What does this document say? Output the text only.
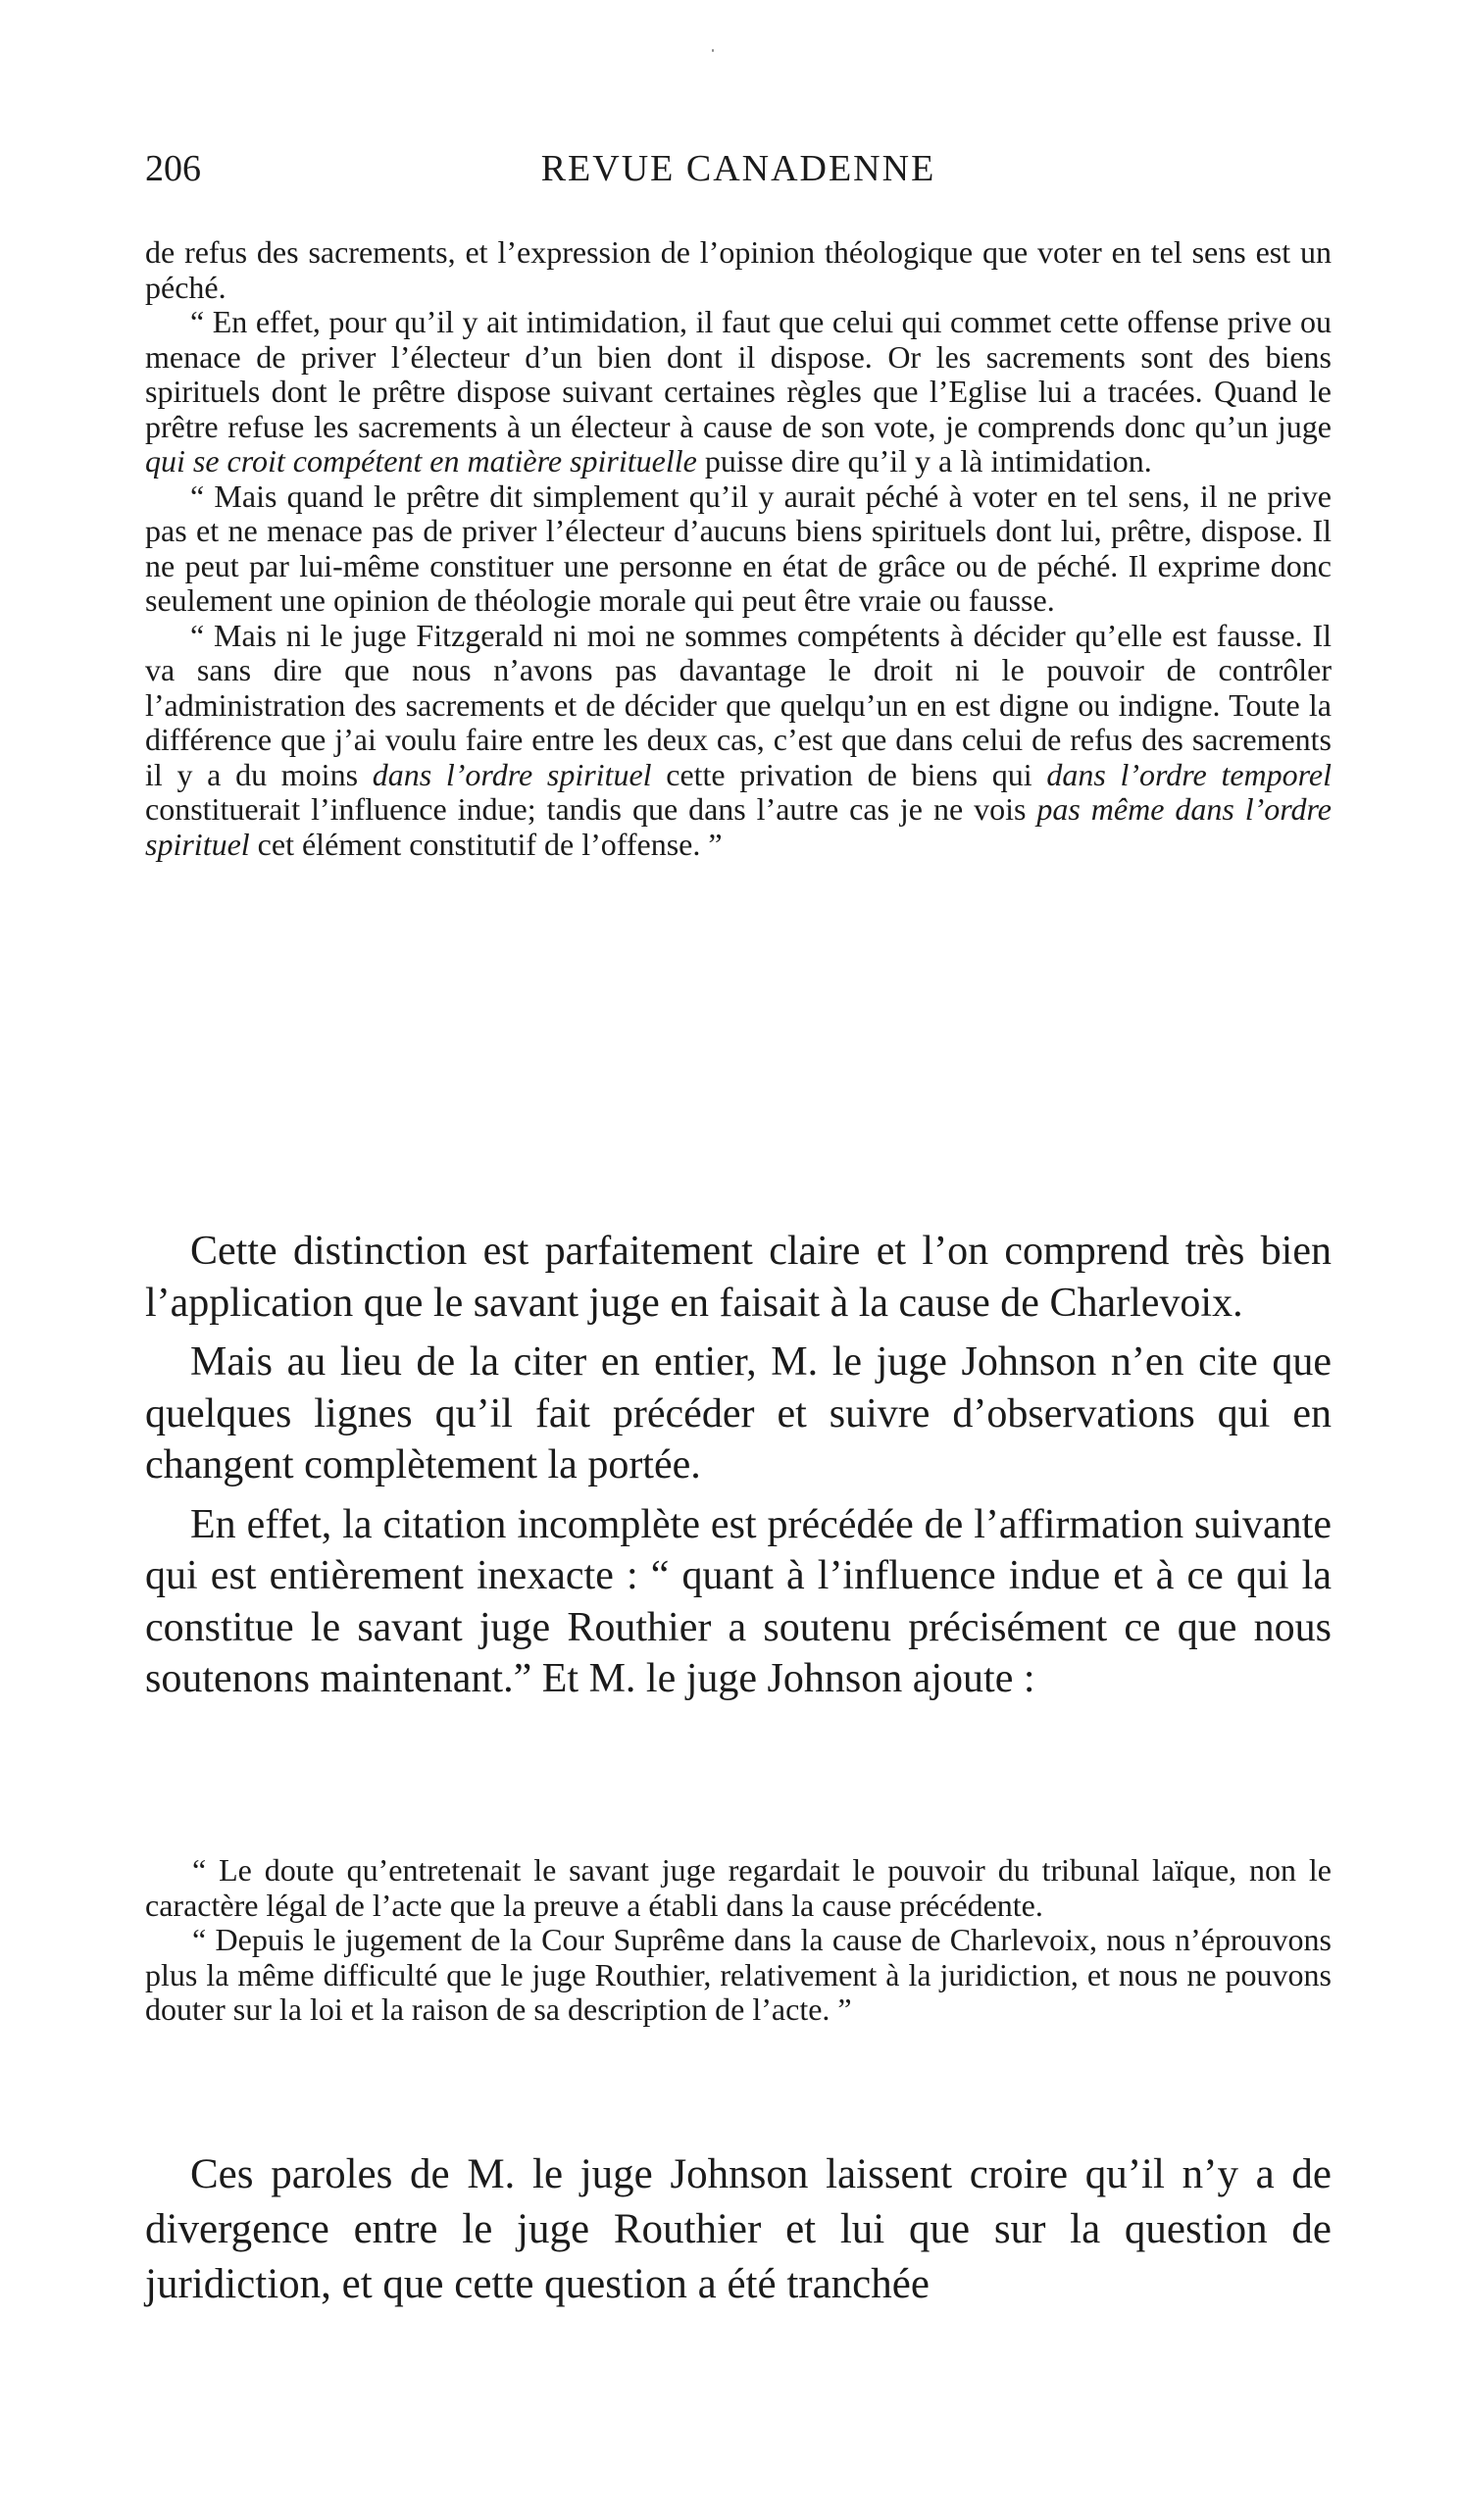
206	REVUE CANADENNE

de refus des sacrements, et l’expression de l’opinion théologique que voter en tel sens est un péché.

“ En effet, pour qu’il y ait intimidation, il faut que celui qui commet cette offense prive ou menace de priver l’électeur d’un bien dont il dispose. Or les sacrements sont des biens spirituels dont le prêtre dispose suivant certaines règles que l’Eglise lui a tracées. Quand le prêtre refuse les sacrements à un électeur à cause de son vote, je comprends donc qu’un juge qui se croit compétent en matière spirituelle puisse dire qu’il y a là intimidation.

“ Mais quand le prêtre dit simplement qu’il y aurait péché à voter en tel sens, il ne prive pas et ne menace pas de priver l’électeur d’aucuns biens spirituels dont lui, prêtre, dispose. Il ne peut par lui-même constituer une personne en état de grâce ou de péché. Il exprime donc seulement une opinion de théologie morale qui peut être vraie ou fausse.

“ Mais ni le juge Fitzgerald ni moi ne sommes compétents à décider qu’elle est fausse. Il va sans dire que nous n’avons pas davantage le droit ni le pouvoir de contrôler l’administration des sacrements et de décider que quelqu’un en est digne ou indigne. Toute la différence que j’ai voulu faire entre les deux cas, c’est que dans celui de refus des sacrements il y a du moins dans l’ordre spirituel cette privation de biens qui dans l’ordre temporel constituerait l’influence indue; tandis que dans l’autre cas je ne vois pas même dans l’ordre spirituel cet élément constitutif de l’offense. ”

Cette distinction est parfaitement claire et l’on comprend très bien l’application que le savant juge en faisait à la cause de Charlevoix.

Mais au lieu de la citer en entier, M. le juge Johnson n’en cite que quelques lignes qu’il fait précéder et suivre d’observations qui en changent complètement la portée.

En effet, la citation incomplète est précédée de l’affirmation suivante qui est entièrement inexacte : “ quant à l’influence indue et à ce qui la constitue le savant juge Routhier a soutenu précisément ce que nous soutenons maintenant.” Et M. le juge Johnson ajoute :

“ Le doute qu’entretenait le savant juge regardait le pouvoir du tribunal laïque, non le caractère légal de l’acte que la preuve a établi dans la cause précédente.

“ Depuis le jugement de la Cour Suprême dans la cause de Charlevoix, nous n’éprouvons plus la même difficulté que le juge Routhier, relativement à la juridiction, et nous ne pouvons douter sur la loi et la raison de sa description de l’acte. ”

Ces paroles de M. le juge Johnson laissent croire qu’il n’y a de divergence entre le juge Routhier et lui que sur la question de juridiction, et que cette question a été tranchée
